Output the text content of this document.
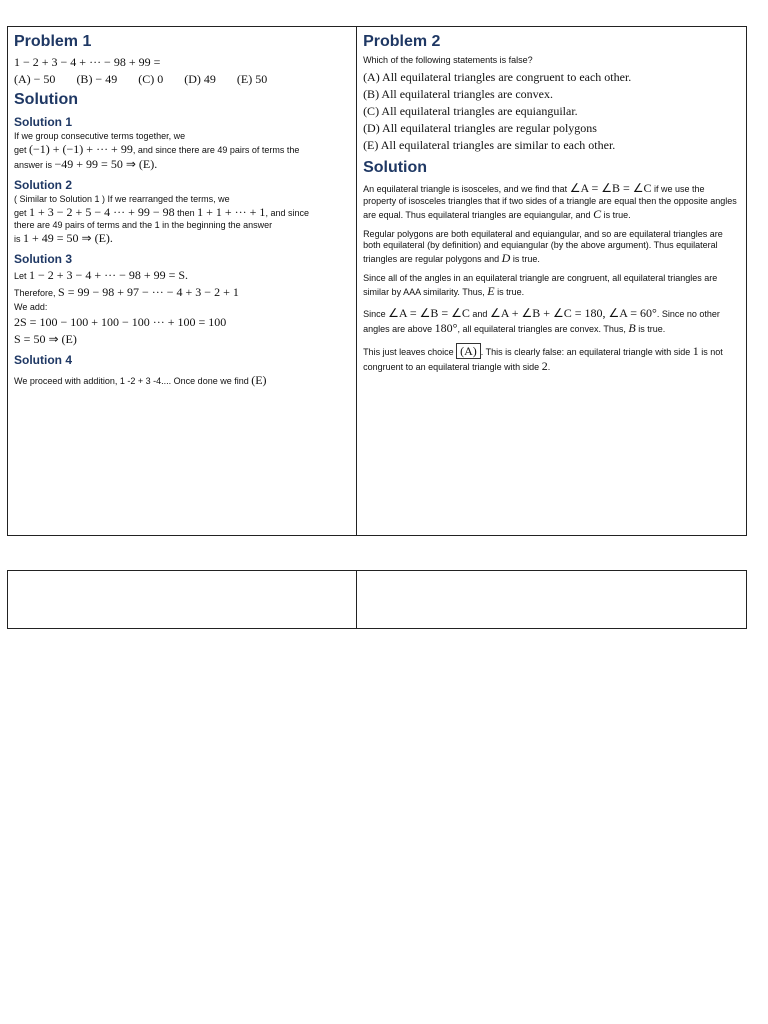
Problem 1
1 − 2 + 3 − 4 + ··· − 98 + 99 =
(A) − 50 (B) − 49 (C) 0 (D) 49 (E) 50
Solution
Solution 1
If we group consecutive terms together, we
get (−1) + (−1) + ··· + 99, and since there are 49 pairs of terms the
answer is −49 + 99 = 50 ⇒ (E).
Solution 2
( Similar to Solution 1 ) If we rearranged the terms, we
get 1 + 3 − 2 + 5 − 4 ··· + 99 − 98 then 1 + 1 + ··· + 1, and since
there are 49 pairs of terms and the 1 in the beginning the answer
is 1 + 49 = 50 ⇒ (E).
Solution 3
Let 1 − 2 + 3 − 4 + ··· − 98 + 99 = S.
Therefore, S = 99 − 98 + 97 − ··· − 4 + 3 − 2 + 1
We add:
2S = 100 − 100 + 100 − 100 ··· + 100 = 100
S = 50 ⇒ (E)
Solution 4
We proceed with addition, 1 -2 + 3 -4.... Once done we find (E)
Problem 2
Which of the following statements is false?
(A) All equilateral triangles are congruent to each other.
(B) All equilateral triangles are convex.
(C) All equilateral triangles are equianguilar.
(D) All equilateral triangles are regular polygons
(E) All equilateral triangles are similar to each other.
Solution
An equilateral triangle is isosceles, and we find that ∠A = ∠B = ∠C if we use the property of isosceles triangles that if two sides of a triangle are equal then the opposite angles are equal. Thus equilateral triangles are equiangular, and C is true.
Regular polygons are both equilateral and equiangular, and so are equilateral triangles are both equilateral (by definition) and equiangular (by the above argument). Thus equilateral triangles are regular polygons and D is true.
Since all of the angles in an equilateral triangle are congruent, all equilateral triangles are similar by AAA similarity. Thus, E is true.
Since ∠A = ∠B = ∠C and ∠A + ∠B + ∠C = 180, ∠A = 60°. Since no other angles are above 180°, all equilateral triangles are convex. Thus, B is true.
This just leaves choice (A) . This is clearly false: an equilateral triangle with side 1 is not congruent to an equilateral triangle with side 2.
